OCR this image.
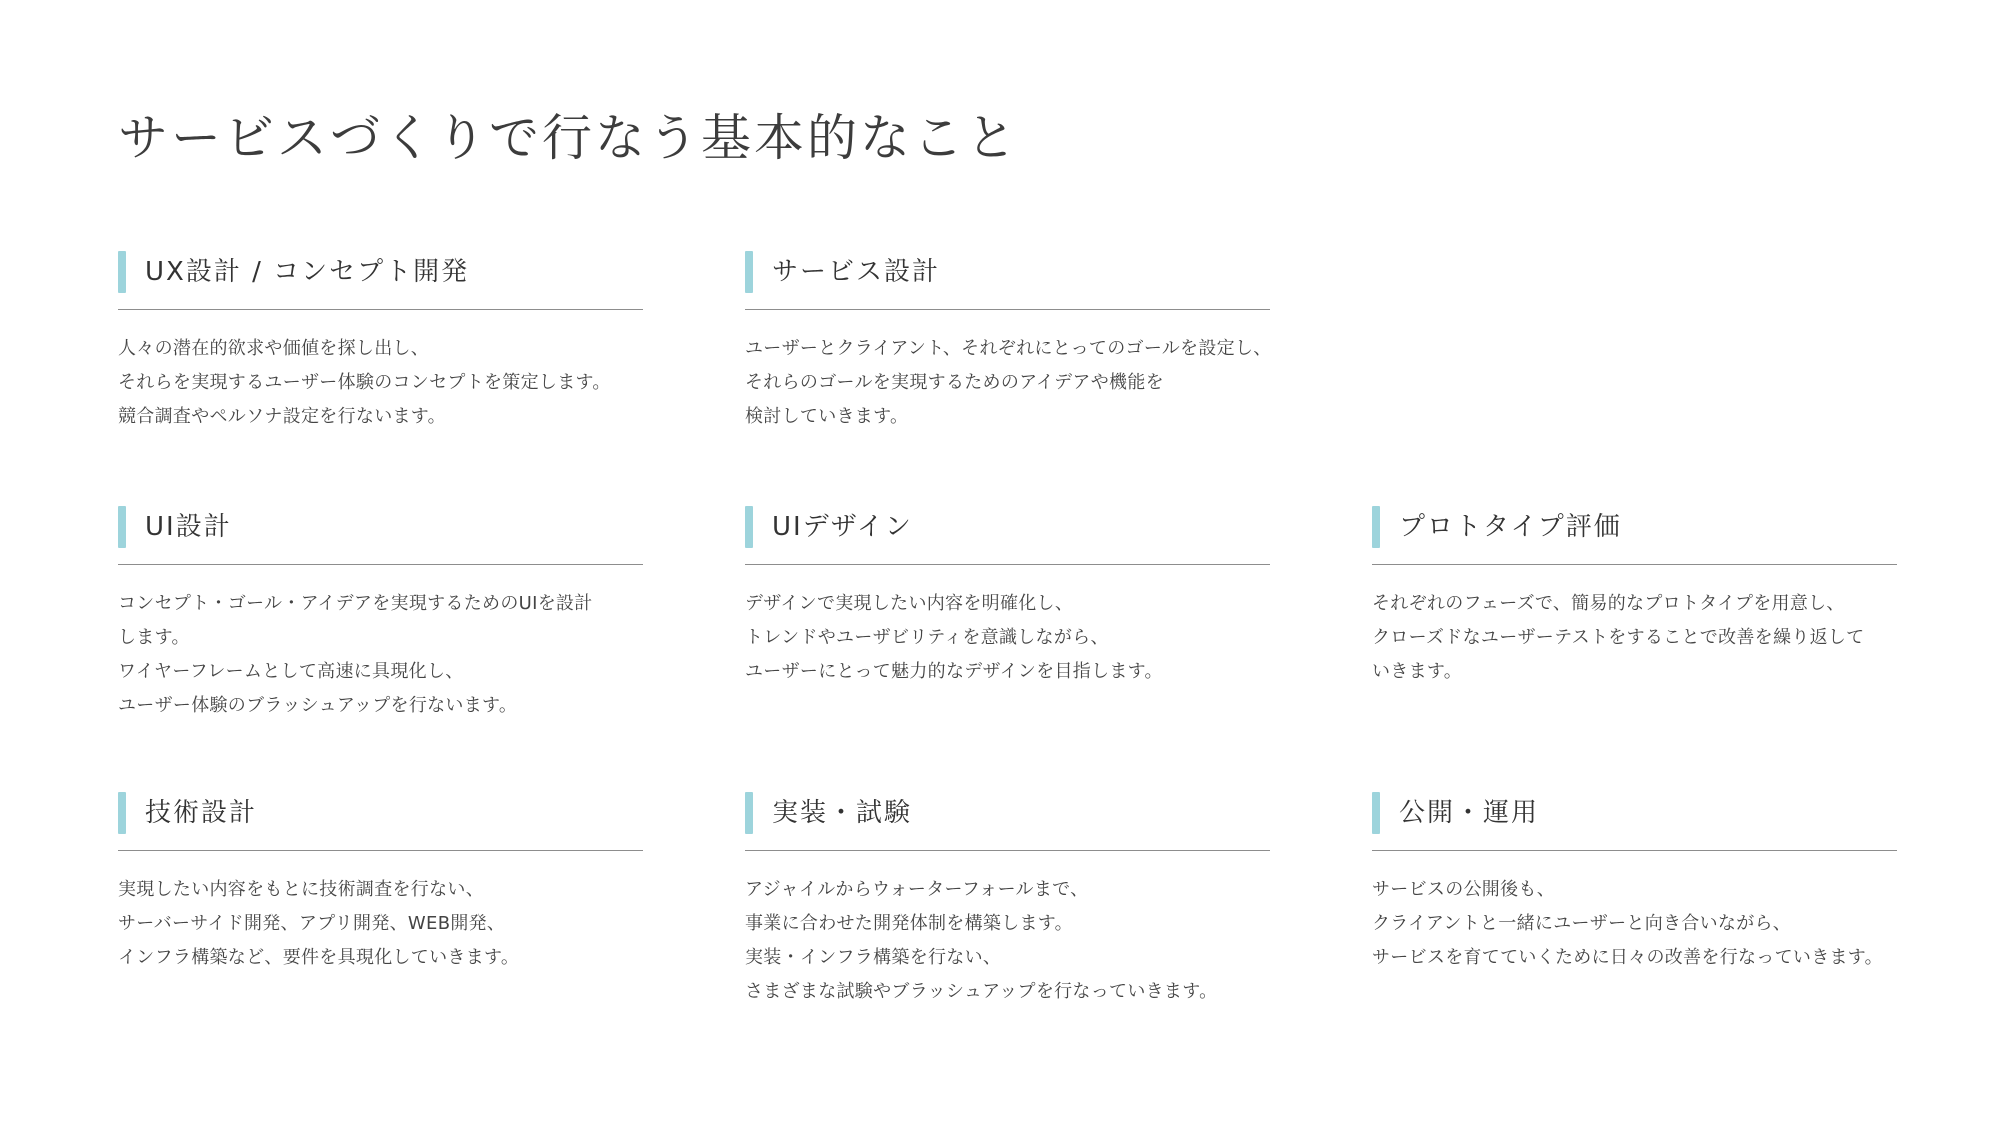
サービスづくりで行なう基本的なこと
UX設計 / コンセプト開発

人々の潜在的欲求や価値を探し出し、

それらを実現するユーザー体験のコンセプトを策定します。

競合調査やペルソナ設定を行ないます。

サービス設計

ユーザーとクライアント、それぞれにとってのゴールを設定し、

それらのゴールを実現するためのアイデアや機能を

検討していきます。

UI設計

コンセプト・ゴール・アイデアを実現するためのUIを設計

します。

ワイヤーフレームとして高速に具現化し、

ユーザー体験のブラッシュアップを行ないます。

UIデザイン

デザインで実現したい内容を明確化し、

トレンドやユーザビリティを意識しながら、

ユーザーにとって魅力的なデザインを目指します。

プロトタイプ評価

それぞれのフェーズで、簡易的なプロトタイプを用意し、

クローズドなユーザーテストをすることで改善を繰り返して

いきます。

技術設計

実現したい内容をもとに技術調査を行ない、

サーバーサイド開発、アプリ開発、WEB開発、

インフラ構築など、要件を具現化していきます。

実装・試験

アジャイルからウォーターフォールまで、

事業に合わせた開発体制を構築します。

実装・インフラ構築を行ない、

さまざまな試験やブラッシュアップを行なっていきます。

公開・運用

サービスの公開後も、

クライアントと一緒にユーザーと向き合いながら、

サービスを育てていくために日々の改善を行なっていきます。
